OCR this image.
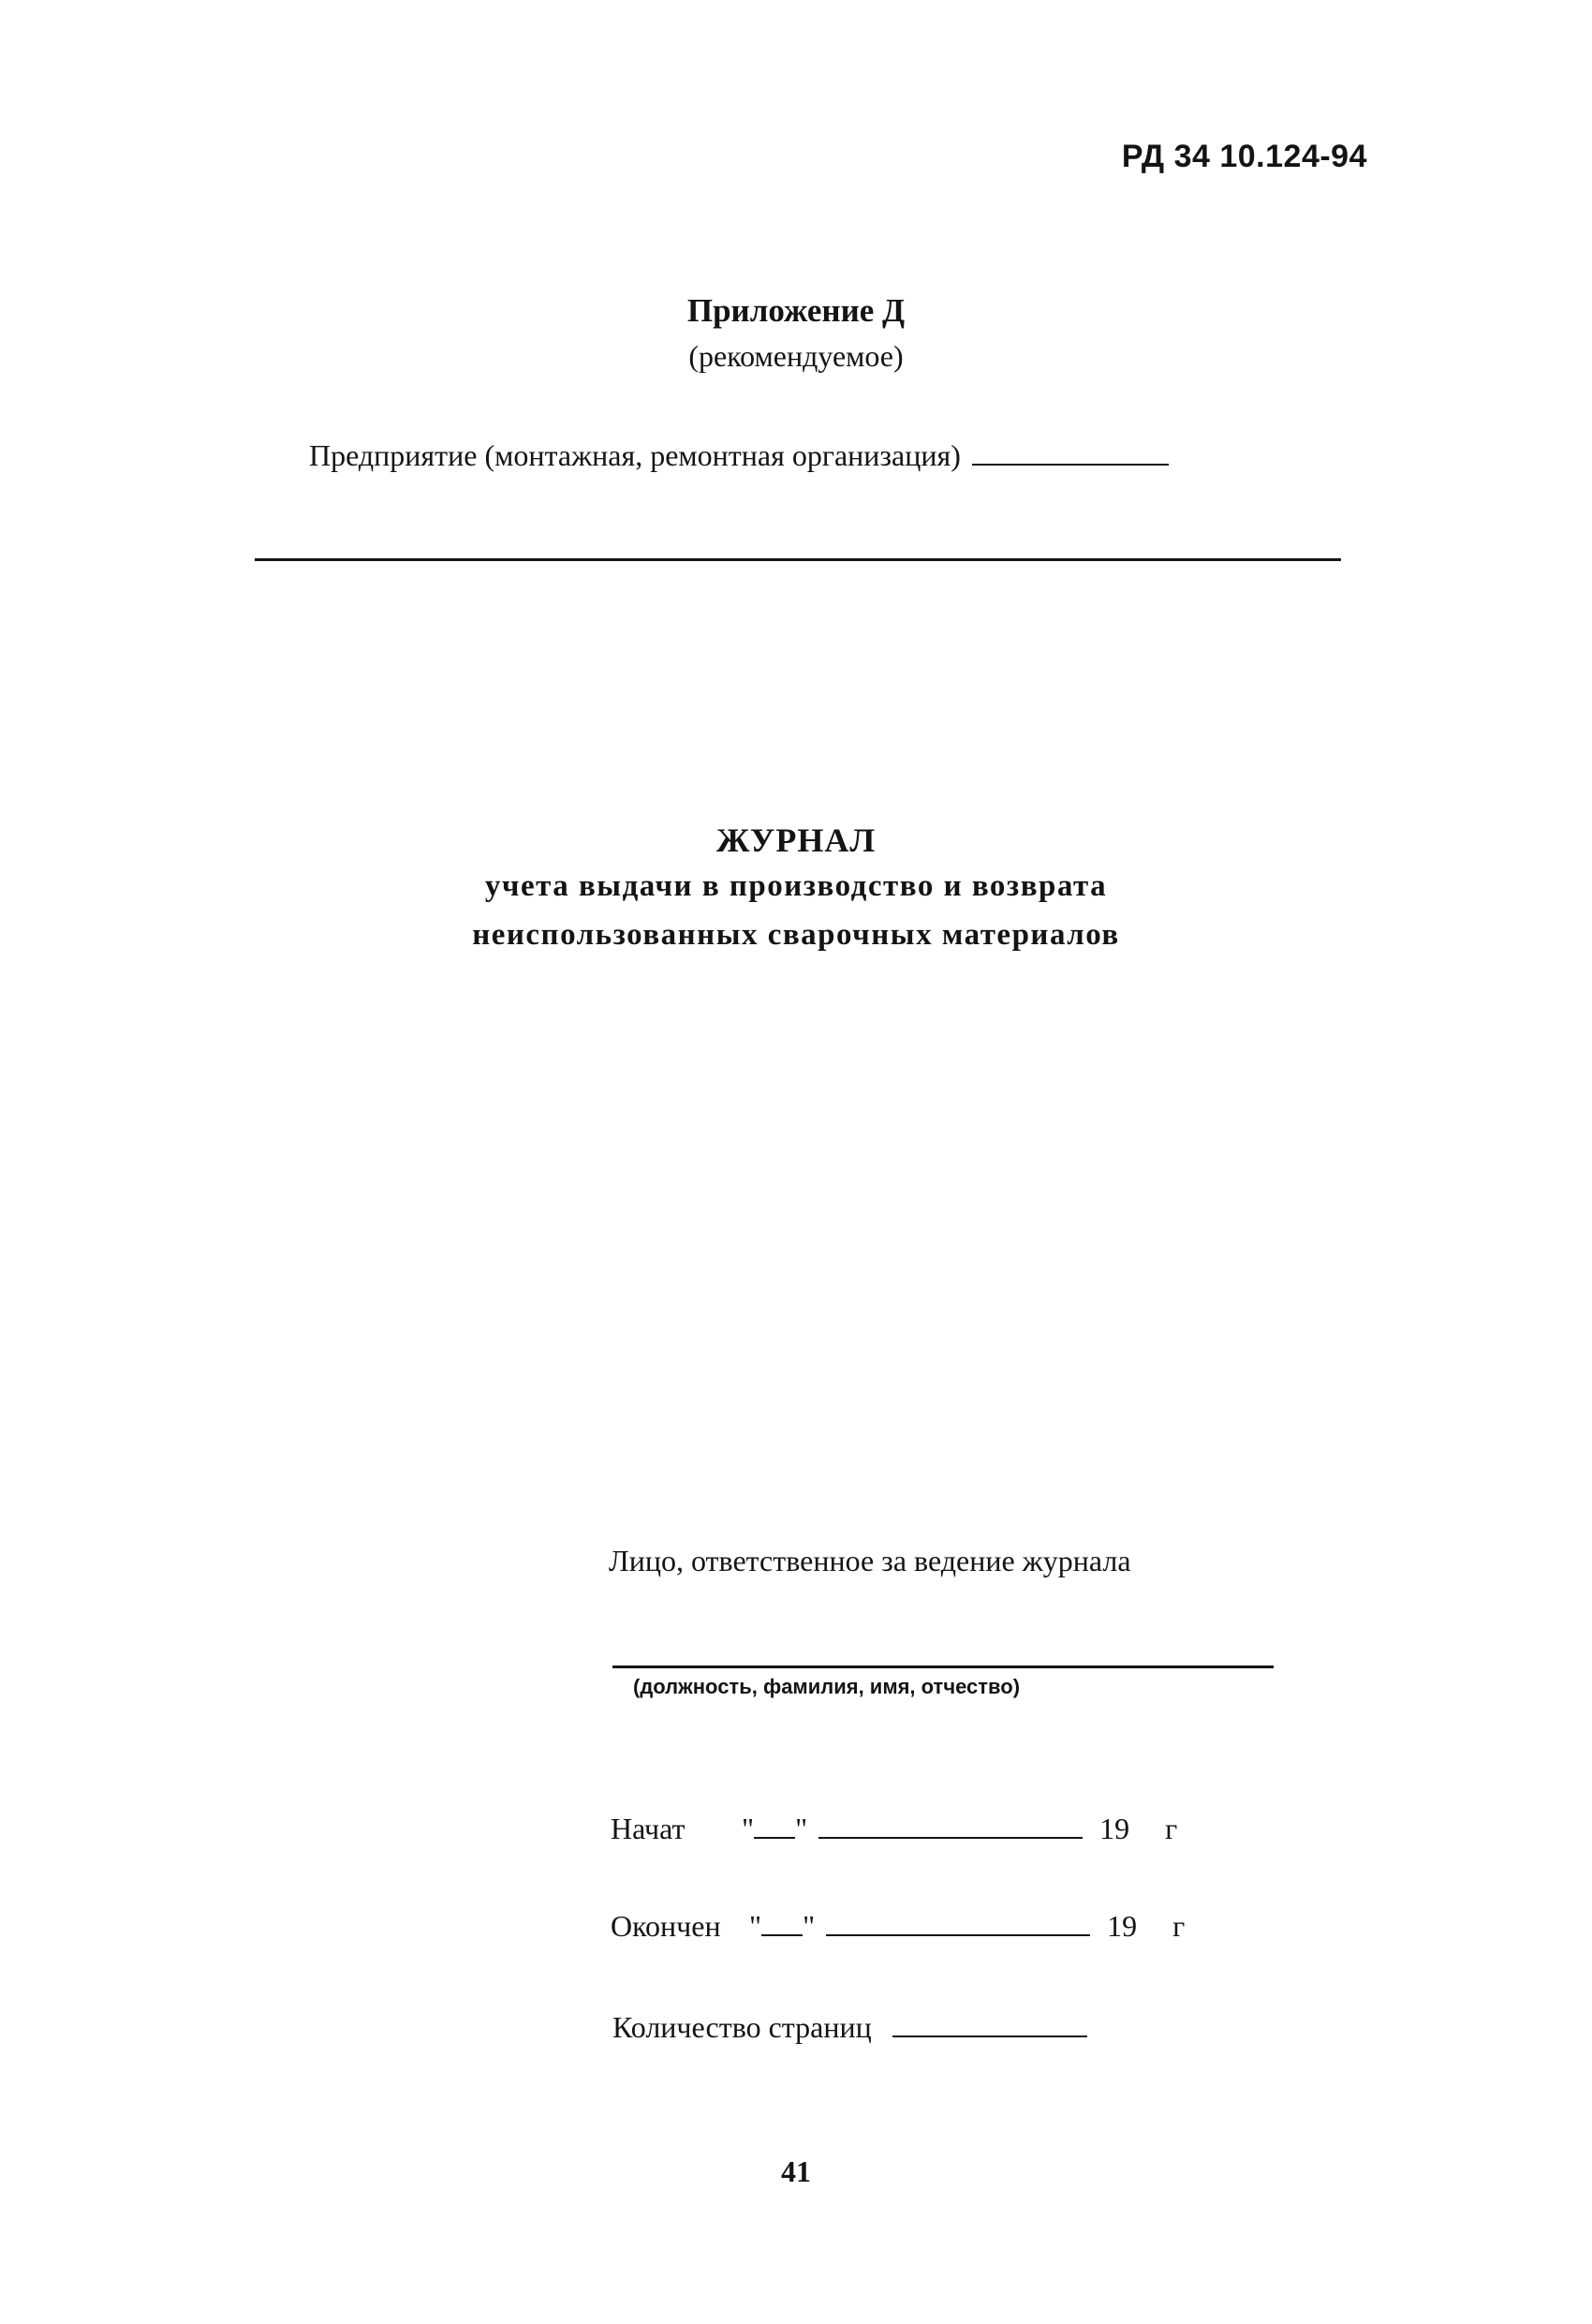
РД 34 10.124-94
Приложение Д
(рекомендуемое)
Предприятие (монтажная, ремонтная организация)
ЖУРНАЛ
учета выдачи в производство и возврата
неиспользованных сварочных материалов
Лицо, ответственное за ведение журнала
(должность, фамилия, имя, отчество)
Начат	" "	19	г
Окончен " "	19	г
Количество страниц
41
